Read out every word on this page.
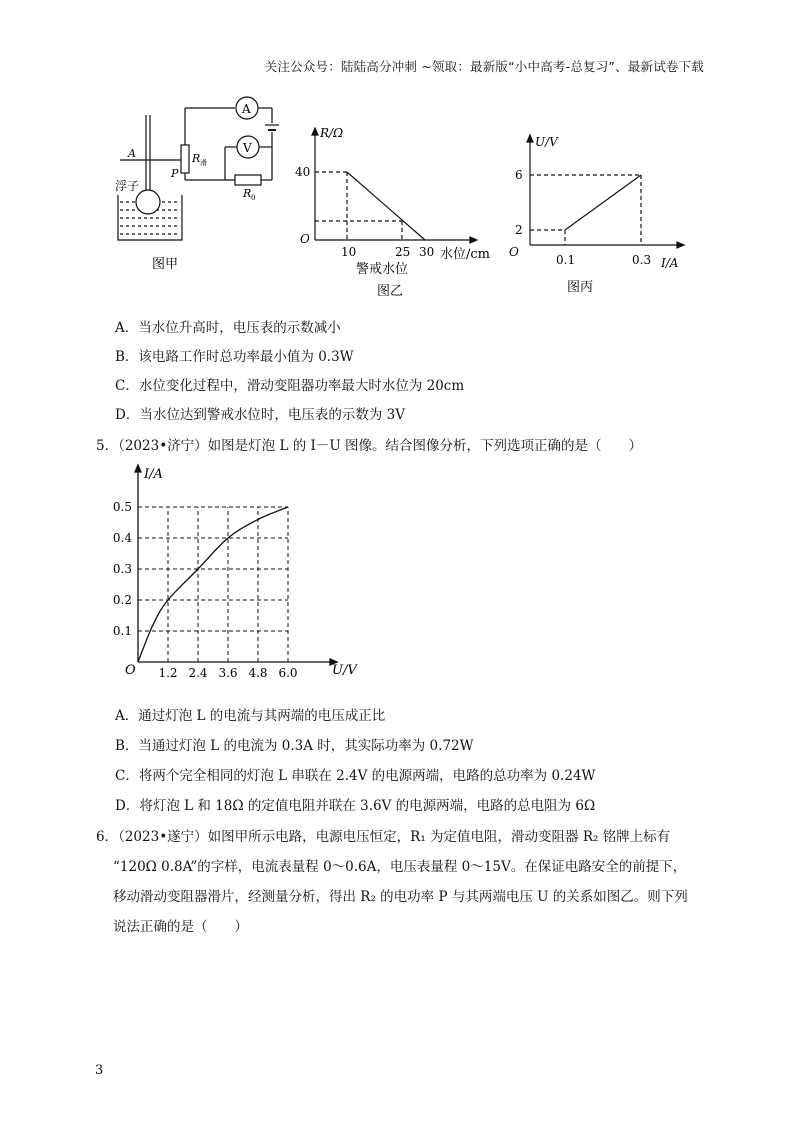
关注公众号：陆陆高分冲刺 ~领取：最新版“小中高考-总复习”、最新试卷下载
A
V
R 滑
R 0
A
P
浮子
图甲
R/Ω
40
O
10	25 30 水位/cm
警戒水位
图乙
U/V
6
2
O
0.1	0.3 I/A
图丙
A．当水位升高时，电压表的示数减小
B．该电路工作时总功率最小值为 0.3W
C．水位变化过程中，滑动变阻器功率最大时水位为 20cm
D．当水位达到警戒水位时，电压表的示数为 3V
5．（2023•济宁）如图是灯泡 L 的 I－U 图像。结合图像分析，下列选项正确的是（　　）
1.2 2.4 3.6 4.8 6.0
0.1
0.2
0.3
0.4
0.5
I/A
U/V
O
A．通过灯泡 L 的电流与其两端的电压成正比
B．当通过灯泡 L 的电流为 0.3A 时，其实际功率为 0.72W
C．将两个完全相同的灯泡 L 串联在 2.4V 的电源两端，电路的总功率为 0.24W
D．将灯泡 L 和 18Ω 的定值电阻并联在 3.6V 的电源两端，电路的总电阻为 6Ω
6．（2023•遂宁）如图甲所示电路，电源电压恒定，R₁ 为定值电阻，滑动变阻器 R₂ 铭牌上标有
“120Ω 0.8A”的字样，电流表量程 0～0.6A，电压表量程 0～15V。在保证电路安全的前提下，
移动滑动变阻器滑片，经测量分析，得出 R₂ 的电功率 P 与其两端电压 U 的关系如图乙。则下列
说法正确的是（　　）
3
